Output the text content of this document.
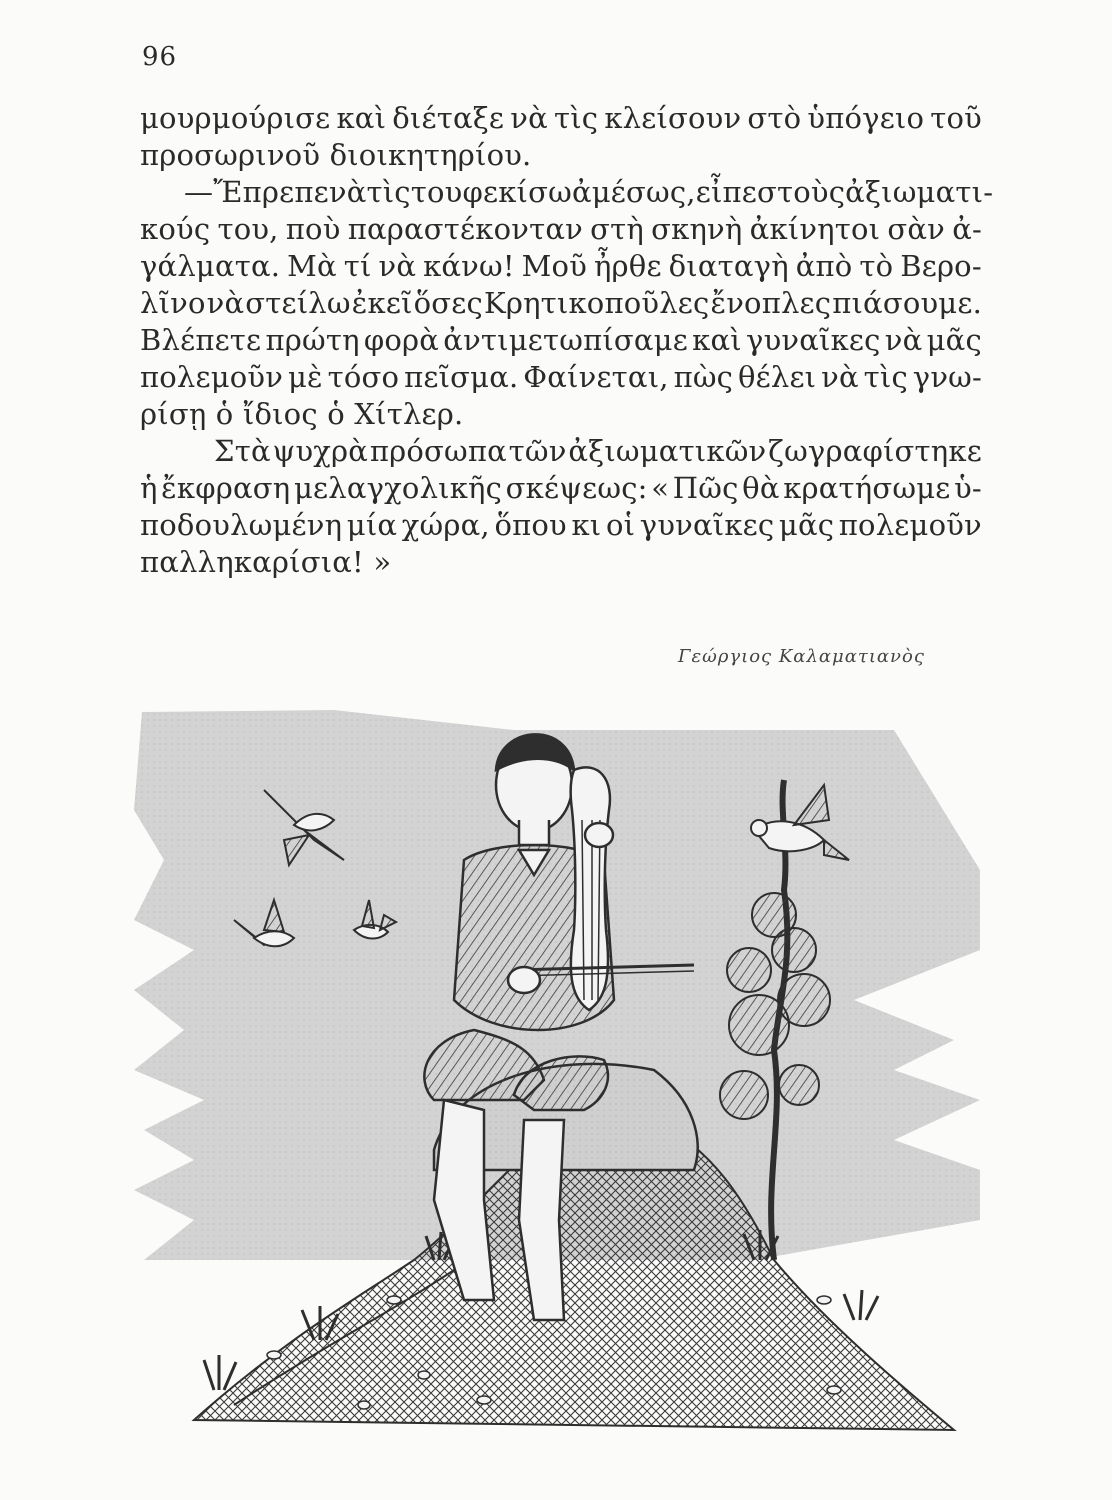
96
μουρμούρισε καὶ διέταξε νὰ τὶς κλείσουν στὸ ὑπόγειο τοῦ
προσωρινοῦ διοικητηρίου.
—Ἔπρεπε νὰ τὶς τουφεκίσω ἀμέσως, εἶπε στοὺς ἀξιωματι-
κούς του, ποὺ παραστέκονταν στὴ σκηνὴ ἀκίνητοι σὰν ἀ-
γάλματα. Μὰ τί νὰ κάνω! Μοῦ ἦρθε διαταγὴ ἀπὸ τὸ Βερο-
λῖνο νὰ στείλω ἐκεῖ ὅσες Κρητικοποῦλες ἔνοπλες πιάσουμε.
Βλέπετε πρώτη φορὰ ἀντιμετωπίσαμε καὶ γυναῖκες νὰ μᾶς
πολεμοῦν μὲ τόσο πεῖσμα. Φαίνεται, πὼς θέλει νὰ τὶς γνω-
ρίσῃ ὁ ἴδιος ὁ Χίτλερ.
Στὰ ψυχρὰ πρόσωπα τῶν ἀξιωματικῶν ζωγραφίστηκε
ἡ ἔκφραση μελαγχολικῆς σκέψεως: « Πῶς θὰ κρατήσωμε ὑ-
ποδουλωμένη μία χώρα, ὅπου κι οἱ γυναῖκες μᾶς πολεμοῦν
παλληκαρίσια! »
Γεώργιος Καλαματιανὸς
